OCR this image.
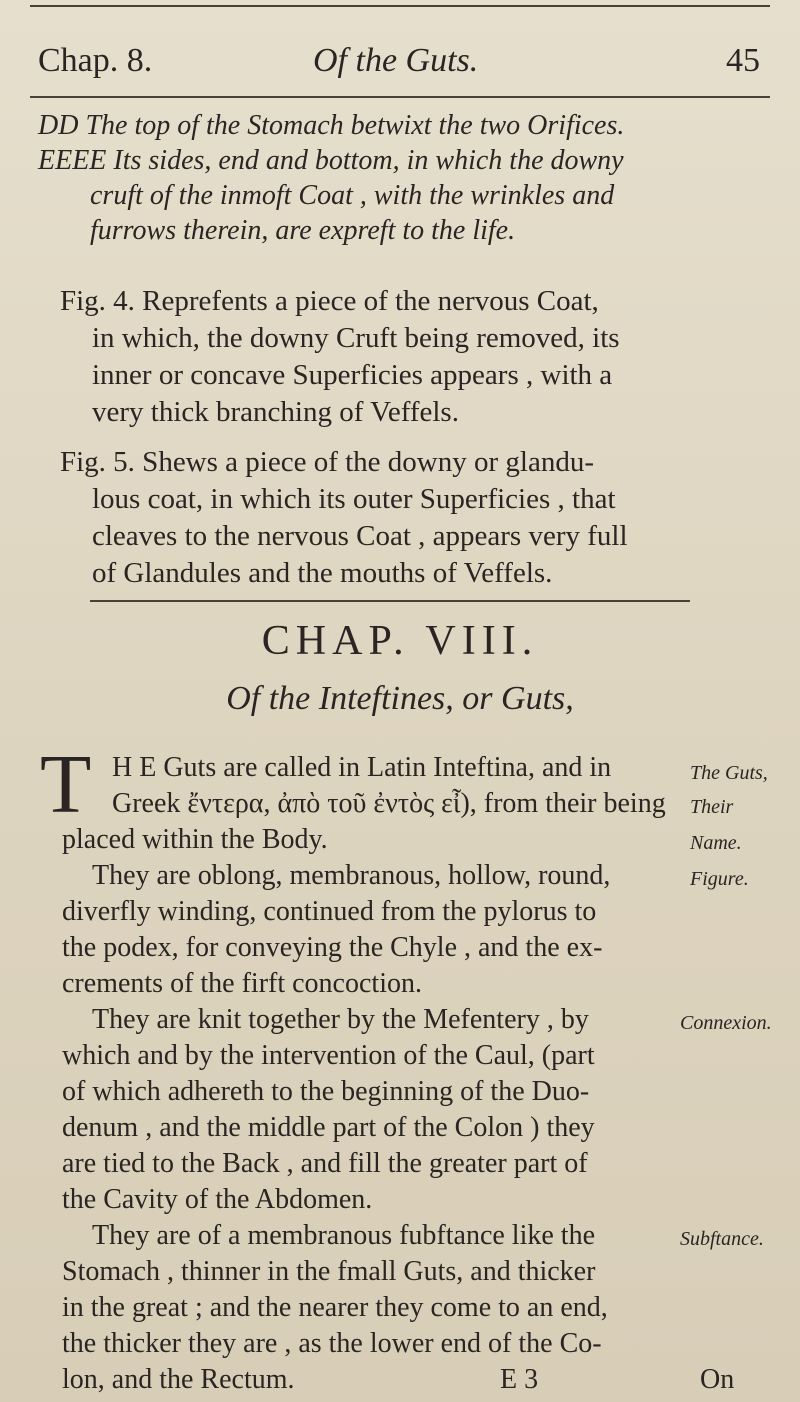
Chap. 8.	Of the Guts.	45
DD The top of the Stomach betwixt the two Orifices.
EEEE Its sides, end and bottom, in which the downy
cruft of the inmoft Coat , with the wrinkles and
furrows therein, are expreft to the life.
Fig. 4. Reprefents a piece of the nervous Coat,
in which, the downy Cruft being removed, its
inner or concave Superficies appears , with a
very thick branching of Veffels.
Fig. 5. Shews a piece of the downy or glandu-
lous coat, in which its outer Superficies , that
cleaves to the nervous Coat , appears very full
of Glandules and the mouths of Veffels.
CHAP. VIII.
Of the Inteftines, or Guts,
T H E Guts are called in Latin Inteftina, and in
Greek ἔντερα, ἀπὸ τοῦ ἐντὸς εἶ), from their being
placed within the Body.
They are oblong, membranous, hollow, round,
diverfly winding, continued from the pylorus to
the podex, for conveying the Chyle , and the ex-
crements of the firft concoction.
They are knit together by the Mefentery , by
which and by the intervention of the Caul, (part
of which adhereth to the beginning of the Duo-
denum , and the middle part of the Colon ) they
are tied to the Back , and fill the greater part of
the Cavity of the Abdomen.
They are of a membranous fubftance like the
Stomach , thinner in the fmall Guts, and thicker
in the great ; and the nearer they come to an end,
the thicker they are , as the lower end of the Co-
lon, and the Rectum.
The Guts,
Their
Name.
Figure.
Connexion.
Subftance.
E 3	On
